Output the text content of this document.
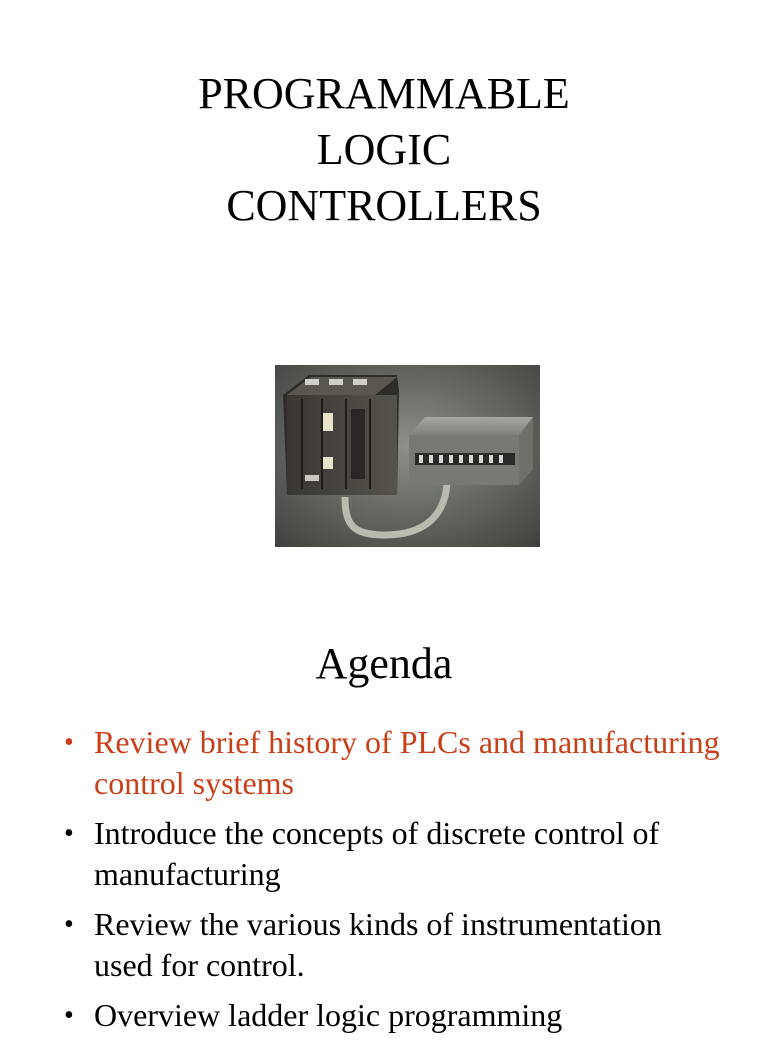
PROGRAMMABLE
LOGIC
CONTROLLERS
Agenda
• Review brief history of PLCs and manufacturing control systems
• Introduce the concepts of discrete control of manufacturing
• Review the various kinds of instrumentation used for control.
• Overview ladder logic programming
